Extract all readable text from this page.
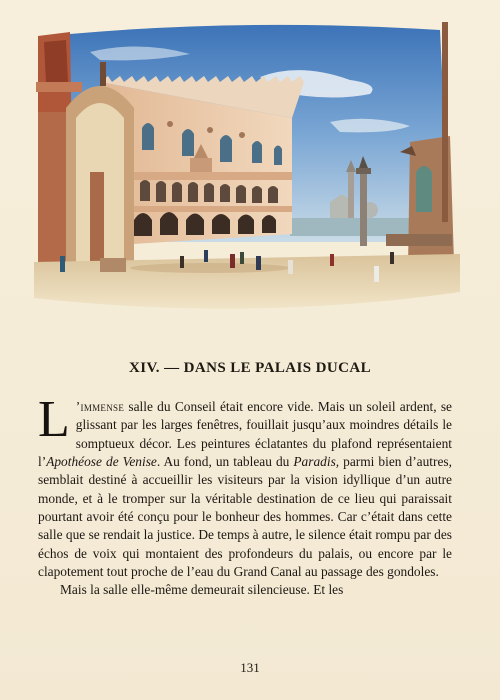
XIV. — DANS LE PALAIS DUCAL

L ’immense salle du Conseil était encore vide. Mais un soleil ardent, se glissant par les larges fenêtres, fouillait jusqu’aux moindres détails le somptueux décor. Les peintures éclatantes du plafond représentaient l’Apothéose de Venise. Au fond, un tableau du Paradis, parmi bien d’autres, semblait destiné à accueillir les visiteurs par la vision idyllique d’un autre monde, et à le tromper sur la véritable destination de ce lieu qui paraissait pourtant avoir été conçu pour le bonheur des hommes. Car c’était dans cette salle que se rendait la justice. De temps à autre, le silence était rompu par des échos de voix qui montaient des profondeurs du palais, ou encore par le clapotement tout proche de l’eau du Grand Canal au passage des gondoles.

Mais la salle elle-même demeurait silencieuse. Et les

131
